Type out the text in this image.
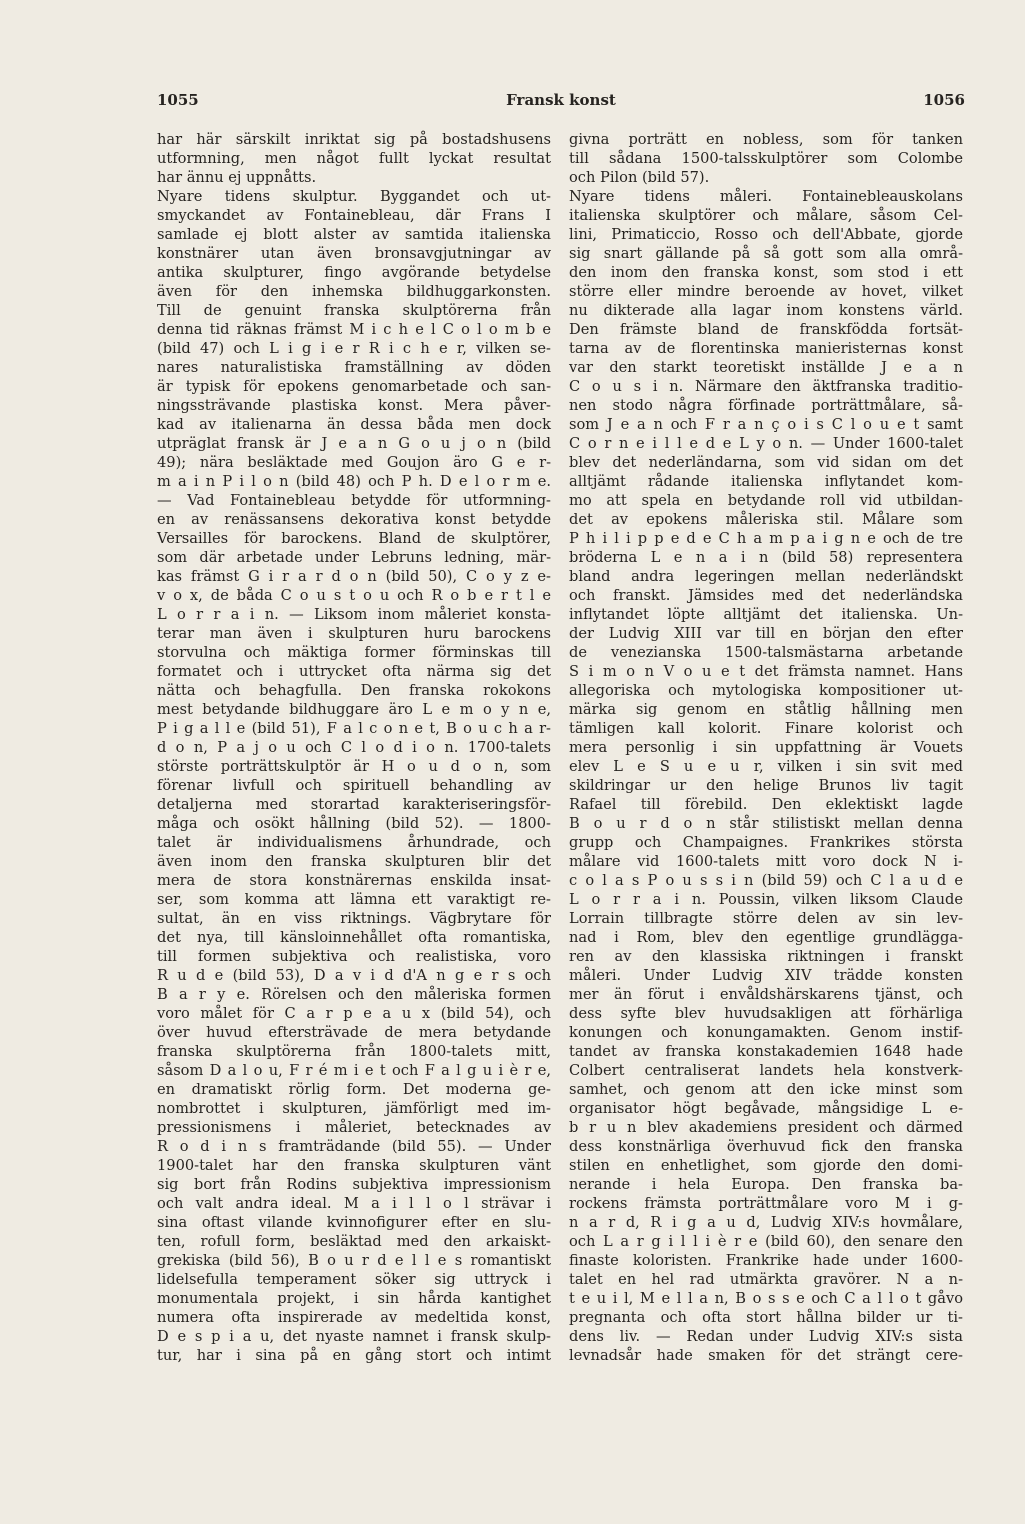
1055	Fransk konst	1056
har här särskilt inriktat sig på bostadshusens
utformning, men något fullt lyckat resultat
har ännu ej uppnåtts.
Nyare tidens skulptur. Byggandet och ut-
smyckandet av Fontainebleau, där Frans I
samlade ej blott alster av samtida italienska
konstnärer utan även bronsavgjutningar av
antika skulpturer, fingo avgörande betydelse
även för den inhemska bildhuggarkonsten.
Till de genuint franska skulptörerna från
denna tid räknas främst M i c h e l C o l o m b e
(bild 47) och L i g i e r R i c h e r, vilken se-
nares naturalistiska framställning av döden
är typisk för epokens genomarbetade och san-
ningssträvande plastiska konst. Mera påver-
kad av italienarna än dessa båda men dock
utpräglat fransk är J e a n G o u j o n (bild
49); nära besläktade med Goujon äro G e r-
m a i n P i l o n (bild 48) och P h. D e l o r m e.
— Vad Fontainebleau betydde för utformning-
en av renässansens dekorativa konst betydde
Versailles för barockens. Bland de skulptörer,
som där arbetade under Lebruns ledning, mär-
kas främst G i r a r d o n (bild 50), C o y z e-
v o x, de båda C o u s t o u och R o b e r t l e
L o r r a i n. — Liksom inom måleriet konsta-
terar man även i skulpturen huru barockens
storvulna och mäktiga former förminskas till
formatet och i uttrycket ofta närma sig det
nätta och behagfulla. Den franska rokokons
mest betydande bildhuggare äro L e m o y n e,
P i g a l l e (bild 51), F a l c o n e t, B o u c h a r-
d o n, P a j o u och C l o d i o n. 1700-talets
störste porträttskulptör är H o u d o n, som
förenar livfull och spirituell behandling av
detaljerna med storartad karakteriseringsför-
måga och osökt hållning (bild 52). — 1800-
talet är individualismens århundrade, och
även inom den franska skulpturen blir det
mera de stora konstnärernas enskilda insat-
ser, som komma att lämna ett varaktigt re-
sultat, än en viss riktnings. Vägbrytare för
det nya, till känsloinnehållet ofta romantiska,
till formen subjektiva och realistiska, voro
R u d e (bild 53), D a v i d d'A n g e r s och
B a r y e. Rörelsen och den måleriska formen
voro målet för C a r p e a u x (bild 54), och
över huvud eftersträvade de mera betydande
franska skulptörerna från 1800-talets mitt,
såsom D a l o u, F r é m i e t och F a l g u i è r e,
en dramatiskt rörlig form. Det moderna ge-
nombrottet i skulpturen, jämförligt med im-
pressionismens i måleriet, betecknades av
R o d i n s framträdande (bild 55). — Under
1900-talet har den franska skulpturen vänt
sig bort från Rodins subjektiva impressionism
och valt andra ideal. M a i l l o l strävar i
sina oftast vilande kvinnofigurer efter en slu-
ten, rofull form, besläktad med den arkaiskt-
grekiska (bild 56), B o u r d e l l e s romantiskt
lidelsefulla temperament söker sig uttryck i
monumentala projekt, i sin hårda kantighet
numera ofta inspirerade av medeltida konst,
D e s p i a u, det nyaste namnet i fransk skulp-
tur, har i sina på en gång stort och intimt
givna porträtt en nobless, som för tanken
till sådana 1500-talsskulptörer som Colombe
och Pilon (bild 57).
Nyare tidens måleri. Fontainebleauskolans
italienska skulptörer och målare, såsom Cel-
lini, Primaticcio, Rosso och dell'Abbate, gjorde
sig snart gällande på så gott som alla områ-
den inom den franska konst, som stod i ett
större eller mindre beroende av hovet, vilket
nu dikterade alla lagar inom konstens värld.
Den främste bland de franskfödda fortsät-
tarna av de florentinska manieristernas konst
var den starkt teoretiskt inställde J e a n
C o u s i n. Närmare den äktfranska traditio-
nen stodo några förfinade porträttmålare, så-
som J e a n och F r a n ç o i s C l o u e t samt
C o r n e i l l e d e L y o n. — Under 1600-talet
blev det nederländarna, som vid sidan om det
alltjämt rådande italienska inflytandet kom-
mo att spela en betydande roll vid utbildan-
det av epokens måleriska stil. Målare som
P h i l i p p e d e C h a m p a i g n e och de tre
bröderna L e n a i n (bild 58) representera
bland andra legeringen mellan nederländskt
och franskt. Jämsides med det nederländska
inflytandet löpte alltjämt det italienska. Un-
der Ludvig XIII var till en början den efter
de venezianska 1500-talsmästarna arbetande
S i m o n V o u e t det främsta namnet. Hans
allegoriska och mytologiska kompositioner ut-
märka sig genom en ståtlig hållning men
tämligen kall kolorit. Finare kolorist och
mera personlig i sin uppfattning är Vouets
elev L e S u e u r, vilken i sin svit med
skildringar ur den helige Brunos liv tagit
Rafael till förebild. Den eklektiskt lagde
B o u r d o n står stilistiskt mellan denna
grupp och Champaignes. Frankrikes största
målare vid 1600-talets mitt voro dock N i-
c o l a s P o u s s i n (bild 59) och C l a u d e
L o r r a i n. Poussin, vilken liksom Claude
Lorrain tillbragte större delen av sin lev-
nad i Rom, blev den egentlige grundlägga-
ren av den klassiska riktningen i franskt
måleri. Under Ludvig XIV trädde konsten
mer än förut i envåldshärskarens tjänst, och
dess syfte blev huvudsakligen att förhärliga
konungen och konungamakten. Genom instif-
tandet av franska konstakademien 1648 hade
Colbert centraliserat landets hela konstverk-
samhet, och genom att den icke minst som
organisator högt begåvade, mångsidige L e-
b r u n blev akademiens president och därmed
dess konstnärliga överhuvud fick den franska
stilen en enhetlighet, som gjorde den domi-
nerande i hela Europa. Den franska ba-
rockens främsta porträttmålare voro M i g-
n a r d, R i g a u d, Ludvig XIV:s hovmålare,
och L a r g i l l i è r e (bild 60), den senare den
finaste koloristen. Frankrike hade under 1600-
talet en hel rad utmärkta gravörer. N a n-
t e u i l, M e l l a n, B o s s e och C a l l o t gåvo
pregnanta och ofta stort hållna bilder ur ti-
dens liv. — Redan under Ludvig XIV:s sista
levnadsår hade smaken för det strängt cere-
